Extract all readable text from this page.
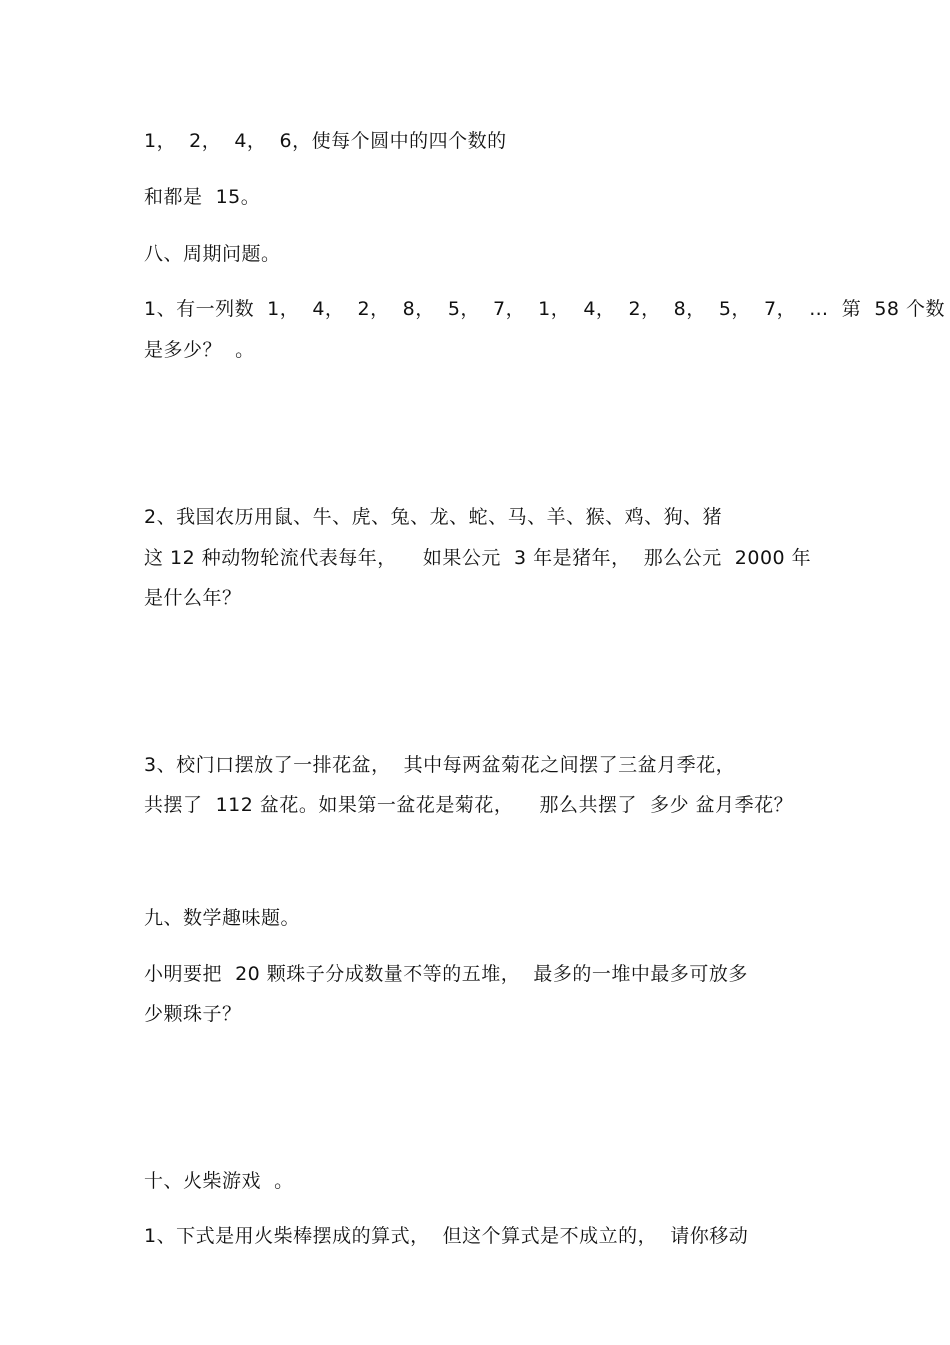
1，  2，  4，  6，使每个圆中的四个数的
和都是  15。
八、周期问题。
1、有一列数  1，  4，  2，  8，  5，  7，  1，  4，  2，  8，  5，  7，  …  第  58 个数
是多少？  。
2、我国农历用鼠、牛、虎、兔、龙、蛇、马、羊、猴、鸡、狗、猪
这 12 种动物轮流代表每年，    如果公元  3 年是猪年，  那么公元  2000 年
是什么年？
3、校门口摆放了一排花盆，  其中每两盆菊花之间摆了三盆月季花，
共摆了  112 盆花。如果第一盆花是菊花，    那么共摆了  多少 盆月季花？
九、数学趣味题。
小明要把  20 颗珠子分成数量不等的五堆，  最多的一堆中最多可放多
少颗珠子？
十、火柴游戏  。
1、下式是用火柴棒摆成的算式，  但这个算式是不成立的，  请你移动
